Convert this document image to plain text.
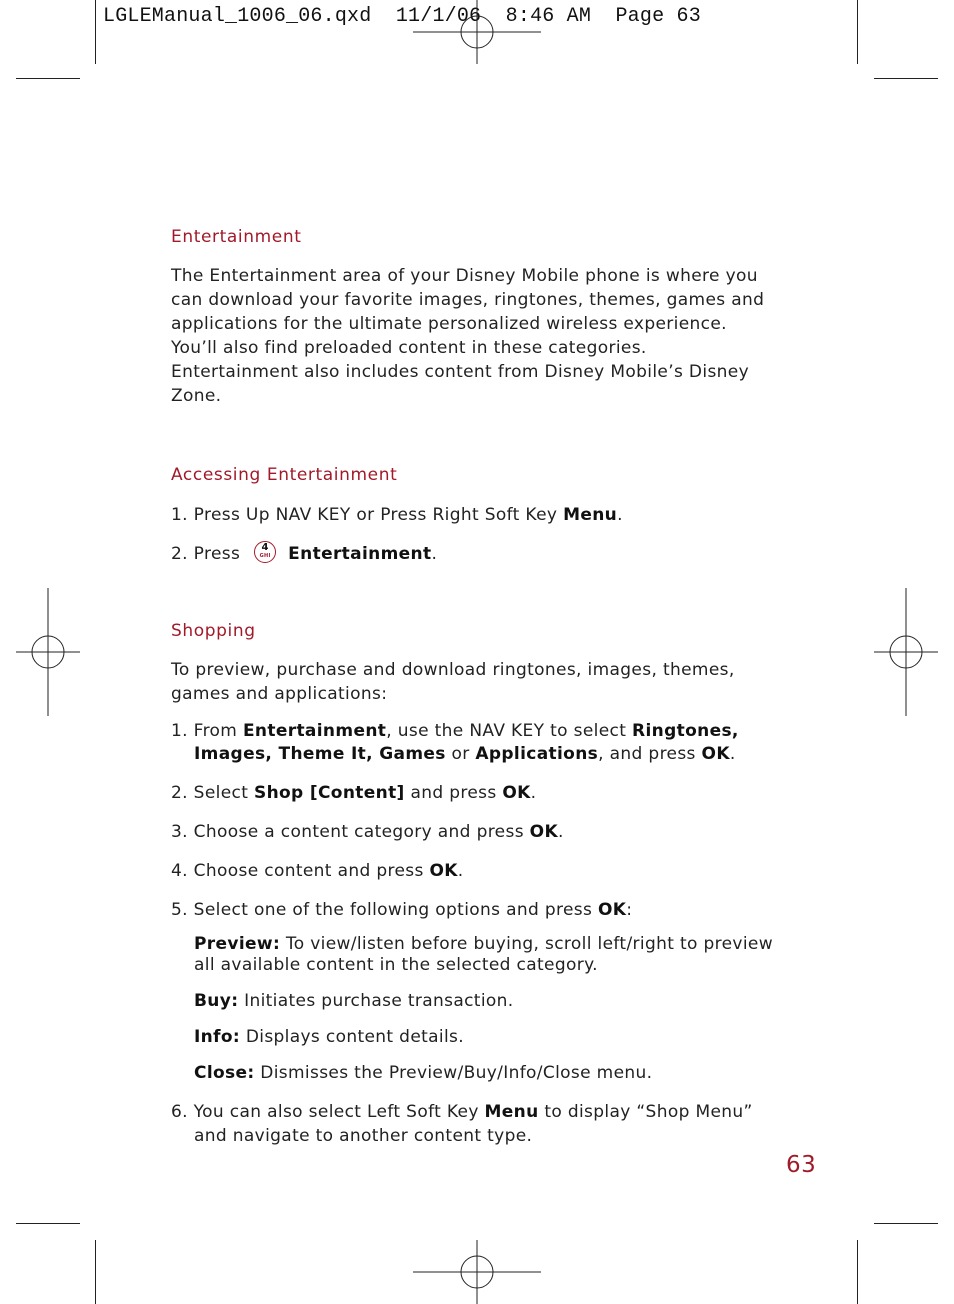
LGLEManual_1006_06.qxd  11/1/06  8:46 AM  Page 63
Entertainment

The Entertainment area of your Disney Mobile phone is where you

can download your favorite images, ringtones, themes, games and

applications for the ultimate personalized wireless experience.

You’ll also find preloaded content in these categories.

Entertainment also includes content from Disney Mobile’s Disney

Zone.

Accessing Entertainment

1. Press Up NAV KEY or Press Right Soft Key Menu.

2. Press	4
GHI Entertainment.

Shopping

To preview, purchase and download ringtones, images, themes,

games and applications:

1. From Entertainment, use the NAV KEY to select Ringtones,

Images, Theme It, Games or Applications, and press OK.

2. Select Shop [Content] and press OK.

3. Choose a content category and press OK.

4. Choose content and press OK.

5. Select one of the following options and press OK:

Preview: To view/listen before buying, scroll left/right to preview

all available content in the selected category.

Buy: Initiates purchase transaction.

Info: Displays content details.

Close: Dismisses the Preview/Buy/Info/Close menu.

6. You can also select Left Soft Key Menu to display “Shop Menu”

and navigate to another content type.

63
